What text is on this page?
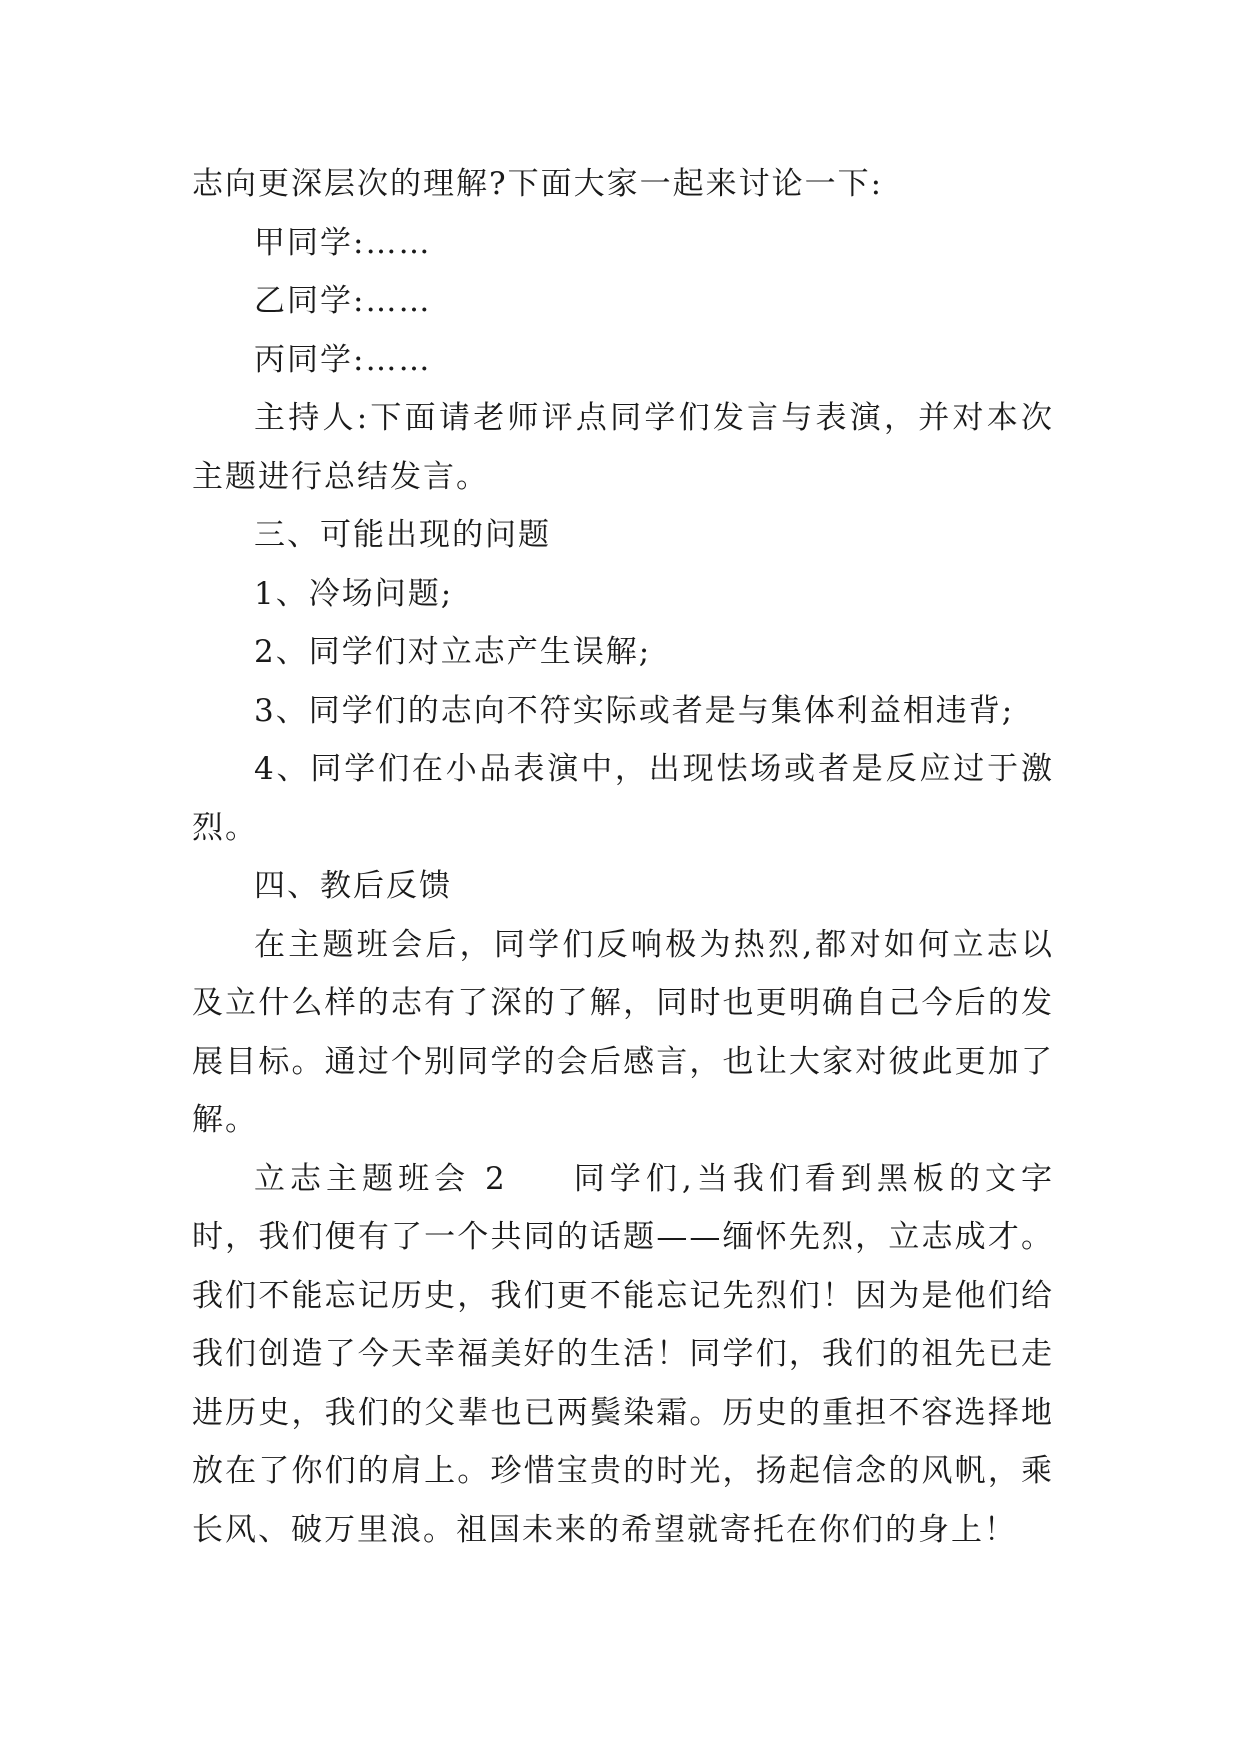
志向更深层次的理解?下面大家一起来讨论一下:

甲同学:……

乙同学:……

丙同学:……

主持人:下面请老师评点同学们发言与表演，并对本次主题进行总结发言。

三、可能出现的问题

1、冷场问题;

2、同学们对立志产生误解;

3、同学们的志向不符实际或者是与集体利益相违背;

4、同学们在小品表演中，出现怯场或者是反应过于激烈。

四、教后反馈

在主题班会后，同学们反响极为热烈,都对如何立志以及立什么样的志有了深的了解，同时也更明确自己今后的发展目标。通过个别同学的会后感言，也让大家对彼此更加了解。

立志主题班会 2 同学们,当我们看到黑板的文字时，我们便有了一个共同的话题——缅怀先烈，立志成才。我们不能忘记历史，我们更不能忘记先烈们！因为是他们给我们创造了今天幸福美好的生活！同学们，我们的祖先已走进历史，我们的父辈也已两鬓染霜。历史的重担不容选择地放在了你们的肩上。珍惜宝贵的时光，扬起信念的风帆，乘长风、破万里浪。祖国未来的希望就寄托在你们的身上！
